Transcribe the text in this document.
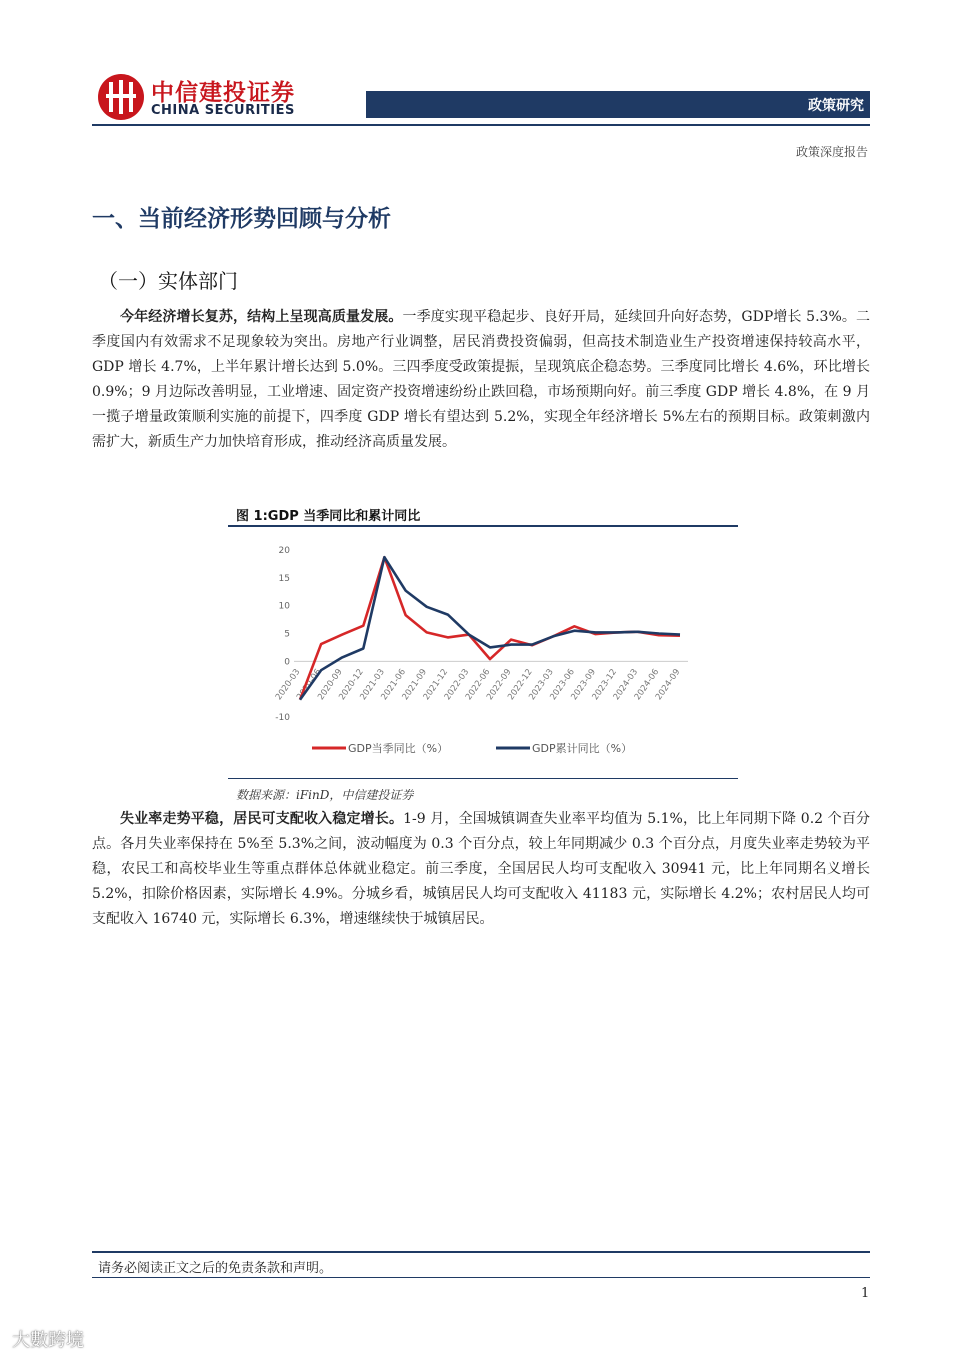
中信建投证券
CHINA SECURITIES	政策研究
政策深度报告
一、当前经济形势回顾与分析
（一）实体部门

今年经济增长复苏，结构上呈现高质量发展。一季度实现平稳起步、良好开局，延续回升向好态势，GDP增长 5.3%。二季度国内有效需求不足现象较为突出。房地产行业调整，居民消费投资偏弱，但高技术制造业生产投资增速保持较高水平，GDP 增长 4.7%，上半年累计增长达到 5.0%。三四季度受政策提振，呈现筑底企稳态势。三季度同比增长 4.6%，环比增长 0.9%；9 月边际改善明显，工业增速、固定资产投资增速纷纷止跌回稳，市场预期向好。前三季度 GDP 增长 4.8%，在 9 月一揽子增量政策顺利实施的前提下，四季度 GDP 增长有望达到 5.2%，实现全年经济增长 5%左右的预期目标。政策刺激内需扩大，新质生产力加快培育形成，推动经济高质量发展。

图 1:GDP 当季同比和累计同比
-10
0
5
10
15
20
2020-03
2020-06
2020-09
2020-12
2021-03
2021-06
2021-09
2021-12
2022-03
2022-06
2022-09
2022-12
2023-03
2023-06
2023-09
2023-12
2024-03
2024-06
2024-09
GDP当季同比（%）	GDP累计同比（%）
数据来源：iFinD，中信建投证券

失业率走势平稳，居民可支配收入稳定增长。1-9 月，全国城镇调查失业率平均值为 5.1%，比上年同期下降 0.2 个百分点。各月失业率保持在 5%至 5.3%之间，波动幅度为 0.3 个百分点，较上年同期减少 0.3 个百分点，月度失业率走势较为平稳，农民工和高校毕业生等重点群体总体就业稳定。前三季度，全国居民人均可支配收入 30941 元，比上年同期名义增长 5.2%，扣除价格因素，实际增长 4.9%。分城乡看，城镇居民人均可支配收入 41183 元，实际增长 4.2%；农村居民人均可支配收入 16740 元，实际增长 6.3%，增速继续快于城镇居民。

请务必阅读正文之后的免责条款和声明。
1
大數跨境
